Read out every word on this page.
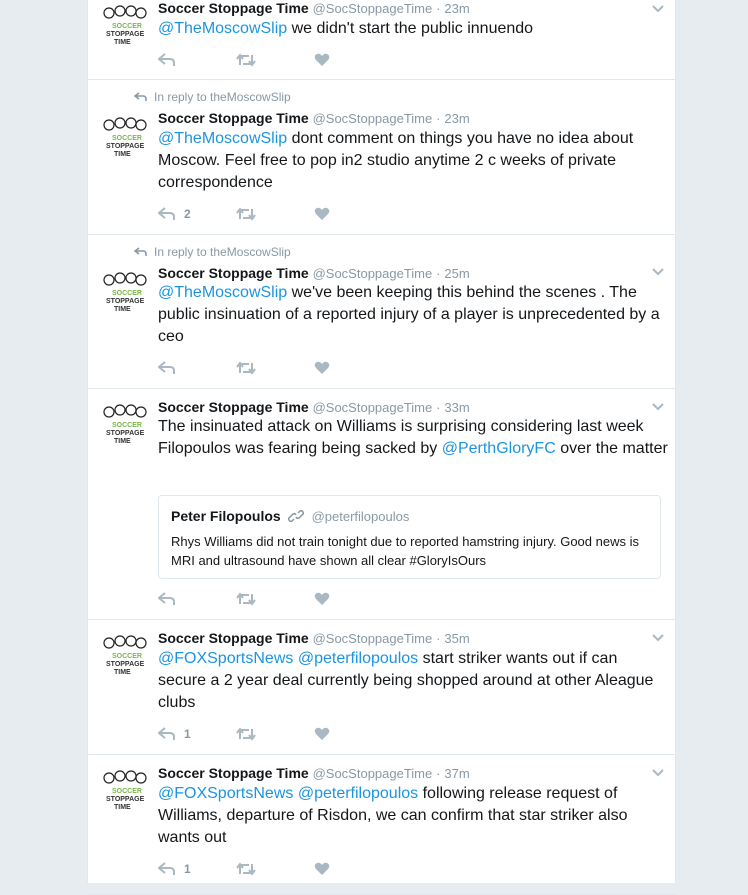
SOCCER
STOPPAGE
TIME
Soccer Stoppage Time @SocStoppageTime · 23m
@TheMoscowSlip we didn't start the public innuendo
In reply to theMoscowSlip
SOCCER
STOPPAGE
TIME
Soccer Stoppage Time @SocStoppageTime · 23m
@TheMoscowSlip dont comment on things you have no idea about Moscow. Feel free to pop in2 studio anytime 2 c weeks of private correspondence
2
In reply to theMoscowSlip
SOCCER
STOPPAGE
TIME
Soccer Stoppage Time @SocStoppageTime · 25m
@TheMoscowSlip we've been keeping this behind the scenes . The public insinuation of a reported injury of a player is unprecedented by a ceo
SOCCER
STOPPAGE
TIME
Soccer Stoppage Time @SocStoppageTime · 33m
The insinuated attack on Williams is surprising considering last week Filopoulos was fearing being sacked by @PerthGloryFC over the matter
Peter Filopoulos @peterfilopoulos
Rhys Williams did not train tonight due to reported hamstring injury. Good news is MRI and ultrasound have shown all clear #GloryIsOurs
SOCCER
STOPPAGE
TIME
Soccer Stoppage Time @SocStoppageTime · 35m
@FOXSportsNews @peterfilopoulos start striker wants out if can secure a 2 year deal currently being shopped around at other Aleague clubs
1
SOCCER
STOPPAGE
TIME
Soccer Stoppage Time @SocStoppageTime · 37m
@FOXSportsNews @peterfilopoulos following release request of Williams, departure of Risdon, we can confirm that star striker also wants out
1
